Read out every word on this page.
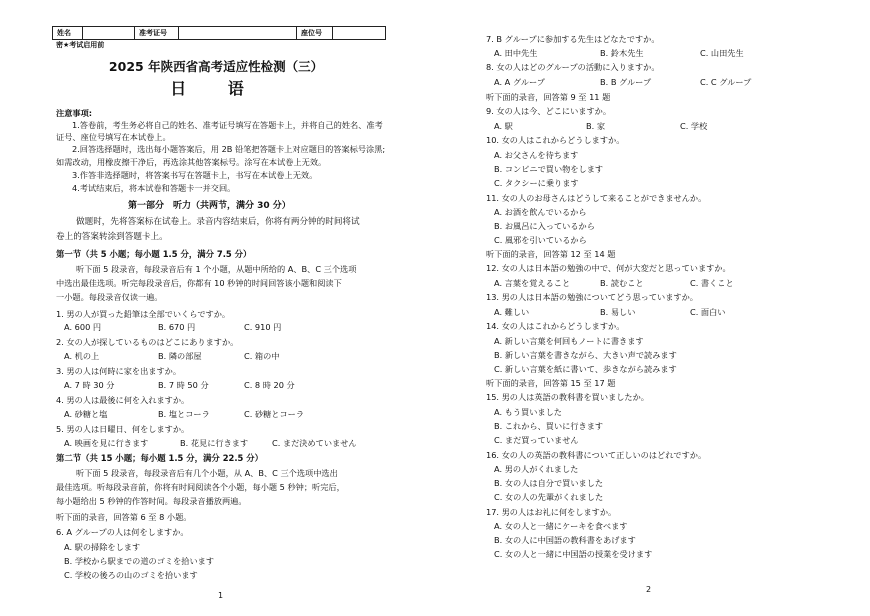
姓名	准考证号	座位号
密★考试启用前
2025 年陕西省高考适应性检测（三）
日 语
注意事项:
1.答卷前，考生务必将自己的姓名、准考证号填写在答题卡上，并将自己的姓名、准考
证号、座位号填写在本试卷上。
2.回答选择题时，选出每小题答案后，用 2B 铅笔把答题卡上对应题目的答案标号涂黑;
如需改动，用橡皮擦干净后，再选涂其他答案标号。涂写在本试卷上无效。
3.作答非选择题时，将答案书写在答题卡上，书写在本试卷上无效。
4.考试结束后，将本试卷和答题卡一并交回。
第一部分　听力（共两节，满分 30 分）
做题时，先将答案标在试卷上。录音内容结束后，你将有两分钟的时间将试
卷上的答案转涂到答题卡上。
第一节（共 5 小题；每小题 1.5 分，满分 7.5 分）
听下面 5 段录音，每段录音后有 1 个小题，从题中所给的 A、B、C 三个选项
中选出最佳选项。听完每段录音后，你都有 10 秒钟的时间回答该小题和阅读下
一小题。每段录音仅读一遍。
1. 男の人が買った鉛筆は全部でいくらですか。
A. 600 円	B. 670 円	C. 910 円
2. 女の人が探しているものはどこにありますか。
A. 机の上	B. 隣の部屋	C. 箱の中
3. 男の人は何時に家を出ますか。
A. 7 時 30 分	B. 7 時 50 分	C. 8 時 20 分
4. 男の人は最後に何を入れますか。
A. 砂糖と塩	B. 塩とコーラ	C. 砂糖とコーラ
5. 男の人は日曜日、何をしますか。
A. 映画を見に行きます	B. 花見に行きます	C. まだ決めていません
第二节（共 15 小题；每小题 1.5 分，满分 22.5 分）
听下面 5 段录音，每段录音后有几个小题，从 A、B、C 三个选项中选出
最佳选项。听每段录音前，你将有时间阅读各个小题，每小题 5 秒钟；听完后，
每小题给出 5 秒钟的作答时间。每段录音播放两遍。
听下面的录音，回答第 6 至 8 小题。
6. A グループの人は何をしますか。
A. 駅の掃除をします
B. 学校から駅までの道のゴミを拾います
C. 学校の後ろの山のゴミを拾います
1
7. B グループに参加する先生はどなたですか。
A. 田中先生	B. 鈴木先生	C. 山田先生
8. 女の人はどのグループの活動に入りますか。
A. A グループ	B. B グループ	C. C グループ
听下面的录音，回答第 9 至 11 题
9. 女の人は今、どこにいますか。
A. 駅	B. 家	C. 学校
10. 女の人はこれからどうしますか。
A. お父さんを待ちます
B. コンビニで買い物をします
C. タクシーに乗ります
11. 女の人のお母さんはどうして来ることができませんか。
A. お酒を飲んでいるから
B. お風呂に入っているから
C. 風邪を引いているから
听下面的录音，回答第 12 至 14 题
12. 女の人は日本語の勉強の中で、何が大変だと思っていますか。
A. 言葉を覚えること	B. 読むこと	C. 書くこと
13. 男の人は日本語の勉強についてどう思っていますか。
A. 難しい	B. 易しい	C. 面白い
14. 女の人はこれからどうしますか。
A. 新しい言葉を何回もノートに書きます
B. 新しい言葉を書きながら、大きい声で読みます
C. 新しい言葉を紙に書いて、歩きながら読みます
听下面的录音，回答第 15 至 17 题
15. 男の人は英語の教科書を買いましたか。
A. もう買いました
B. これから、買いに行きます
C. まだ買っていません
16. 女の人の英語の教科書について正しいのはどれですか。
A. 男の人がくれました
B. 女の人は自分で買いました
C. 女の人の先輩がくれました
17. 男の人はお礼に何をしますか。
A. 女の人と一緒にケーキを食べます
B. 女の人に中国語の教科書をあげます
C. 女の人と一緒に中国語の授業を受けます
2
